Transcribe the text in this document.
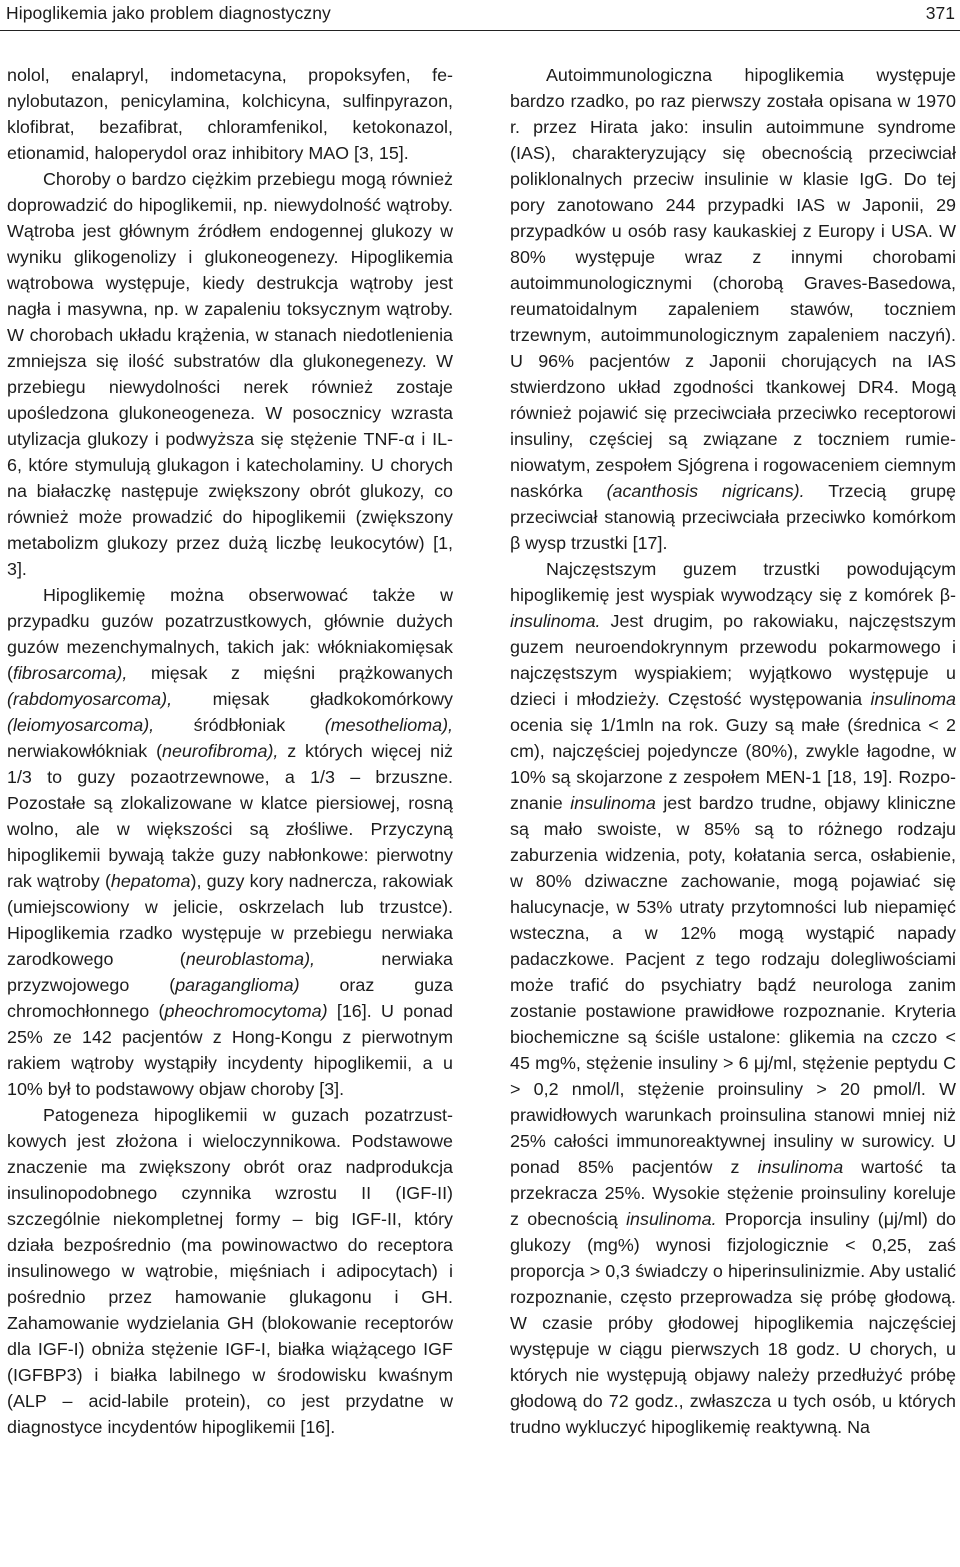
Hipoglikemia jako problem diagnostyczny	371

nolol, enalapryl, indometacyna, propoksyfen, fenylobutazon, penicylamina, kolchicyna, sulfinpyrazon, klofibrat, bezafibrat, chloramfenikol, ketokonazol, etionamid, haloperydol oraz inhibitory MAO [3, 15].

Choroby o bardzo ciężkim przebiegu mogą również doprowadzić do hipoglikemii, np. niewydolność wątroby. Wątroba jest głównym źródłem endogennej glukozy w wyniku glikogenolizy i glukoneogenezy. Hipoglikemia wątrobowa występuje, kiedy destrukcja wątroby jest nagła i masywna, np. w zapaleniu toksycznym wątroby. W chorobach układu krążenia, w stanach niedotlenienia zmniejsza się ilość substratów dla glukonegenezy. W przebiegu niewydolności nerek również zostaje upośledzona glukoneogeneza. W posocznicy wzrasta utylizacja glukozy i podwyższa się stężenie TNF-α i IL-6, które stymulują glukagon i katecholaminy. U chorych na białaczkę następuje zwiększony obrót glukozy, co również może prowadzić do hipoglikemii (zwiększony metabolizm glukozy przez dużą liczbę leukocytów) [1, 3].

Hipoglikemię można obserwować także w przypadku guzów pozatrzustkowych, głównie dużych guzów mezenchymalnych, takich jak: włókniakomięsak (fibrosarcoma), mięsak z mięśni prążkowanych (rabdomyosarcoma), mięsak gładkokomórkowy (leiomyosarcoma), śródbłoniak (mesothelioma), nerwiakowłókniak (neurofibroma), z których więcej niż 1/3 to guzy pozaotrzewnowe, a 1/3 – brzuszne. Pozostałe są zlokalizowane w klatce piersiowej, rosną wolno, ale w większości są złośliwe. Przyczyną hipoglikemii bywają także guzy nabłonkowe: pierwotny rak wątroby (hepatoma), guzy kory nadnercza, rakowiak (umiejscowiony w jelicie, oskrzelach lub trzustce). Hipoglikemia rzadko występuje w przebiegu nerwiaka zarodkowego (neuroblastoma), nerwiaka przyzwojowego (paraganglioma) oraz guza chromochłonnego (pheochromocytoma) [16]. U ponad 25% ze 142 pacjentów z Hong-Kongu z pierwotnym rakiem wątroby wystąpiły incydenty hipoglikemii, a u 10% był to podstawowy objaw choroby [3].

Patogeneza hipoglikemii w guzach pozatrzustkowych jest złożona i wieloczynnikowa. Podstawowe znaczenie ma zwiększony obrót oraz nadprodukcja insulinopodobnego czynnika wzrostu II (IGF-II) szczególnie niekompletnej formy – big IGF-II, który działa bezpośrednio (ma powinowactwo do receptora insulinowego w wątrobie, mięśniach i adipocytach) i pośrednio przez hamowanie glukagonu i GH. Zahamowanie wydzielania GH (blokowanie receptorów dla IGF-I) obniża stężenie IGF-I, białka wiążącego IGF (IGFBP3) i białka labilnego w środowisku kwaśnym (ALP – acid-labile protein), co jest przydatne w diagnostyce incydentów hipoglikemii [16].

Autoimmunologiczna hipoglikemia występuje bardzo rzadko, po raz pierwszy została opisana w 1970 r. przez Hirata jako: insulin autoimmune syndrome (IAS), charakteryzujący się obecnością przeciwciał poliklonalnych przeciw insulinie w klasie IgG. Do tej pory zanotowano 244 przypadki IAS w Japonii, 29 przypadków u osób rasy kaukaskiej z Europy i USA. W 80% występuje wraz z innymi chorobami autoimmunologicznymi (chorobą Graves-Basedowa, reumatoidalnym zapaleniem stawów, toczniem trzewnym, autoimmunologicznym zapaleniem naczyń). U 96% pacjentów z Japonii chorujących na IAS stwierdzono układ zgodności tkankowej DR4. Mogą również pojawić się przeciwciała przeciwko receptorowi insuliny, częściej są związane z toczniem rumieniowatym, zespołem Sjógrena i rogowaceniem ciemnym naskórka (acanthosis nigricans). Trzecią grupę przeciwciał stanowią przeciwciała przeciwko komórkom β wysp trzustki [17].

Najczęstszym guzem trzustki powodującym hipoglikemię jest wyspiak wywodzący się z komórek β-insulinoma. Jest drugim, po rakowiaku, najczęstszym guzem neuroendokrynnym przewodu pokarmowego i najczęstszym wyspiakiem; wyjątkowo występuje u dzieci i młodzieży. Częstość występowania insulinoma ocenia się 1/1mln na rok. Guzy są małe (średnica < 2 cm), najczęściej pojedyncze (80%), zwykle łagodne, w 10% są skojarzone z zespołem MEN-1 [18, 19]. Rozpoznanie insulinoma jest bardzo trudne, objawy kliniczne są mało swoiste, w 85% są to różnego rodzaju zaburzenia widzenia, poty, kołatania serca, osłabienie, w 80% dziwaczne zachowanie, mogą pojawiać się halucynacje, w 53% utraty przytomności lub niepamięć wsteczna, a w 12% mogą wystąpić napady padaczkowe. Pacjent z tego rodzaju dolegliwościami może trafić do psychiatry bądź neurologa zanim zostanie postawione prawidłowe rozpoznanie. Kryteria biochemiczne są ściśle ustalone: glikemia na czczo < 45 mg%, stężenie insuliny > 6 μj/ml, stężenie peptydu C > 0,2 nmol/l, stężenie proinsuliny > 20 pmol/l. W prawidłowych warunkach proinsulina stanowi mniej niż 25% całości immunoreaktywnej insuliny w surowicy. U ponad 85% pacjentów z insulinoma wartość ta przekracza 25%. Wysokie stężenie proinsuliny koreluje z obecnością insulinoma. Proporcja insuliny (μj/ml) do glukozy (mg%) wynosi fizjologicznie < 0,25, zaś proporcja > 0,3 świadczy o hiperinsulinizmie. Aby ustalić rozpoznanie, często przeprowadza się próbę głodową. W czasie próby głodowej hipoglikemia najczęściej występuje w ciągu pierwszych 18 godz. U chorych, u których nie występują objawy należy przedłużyć próbę głodową do 72 godz., zwłaszcza u tych osób, u których trudno wykluczyć hipoglikemię reaktywną. Na
